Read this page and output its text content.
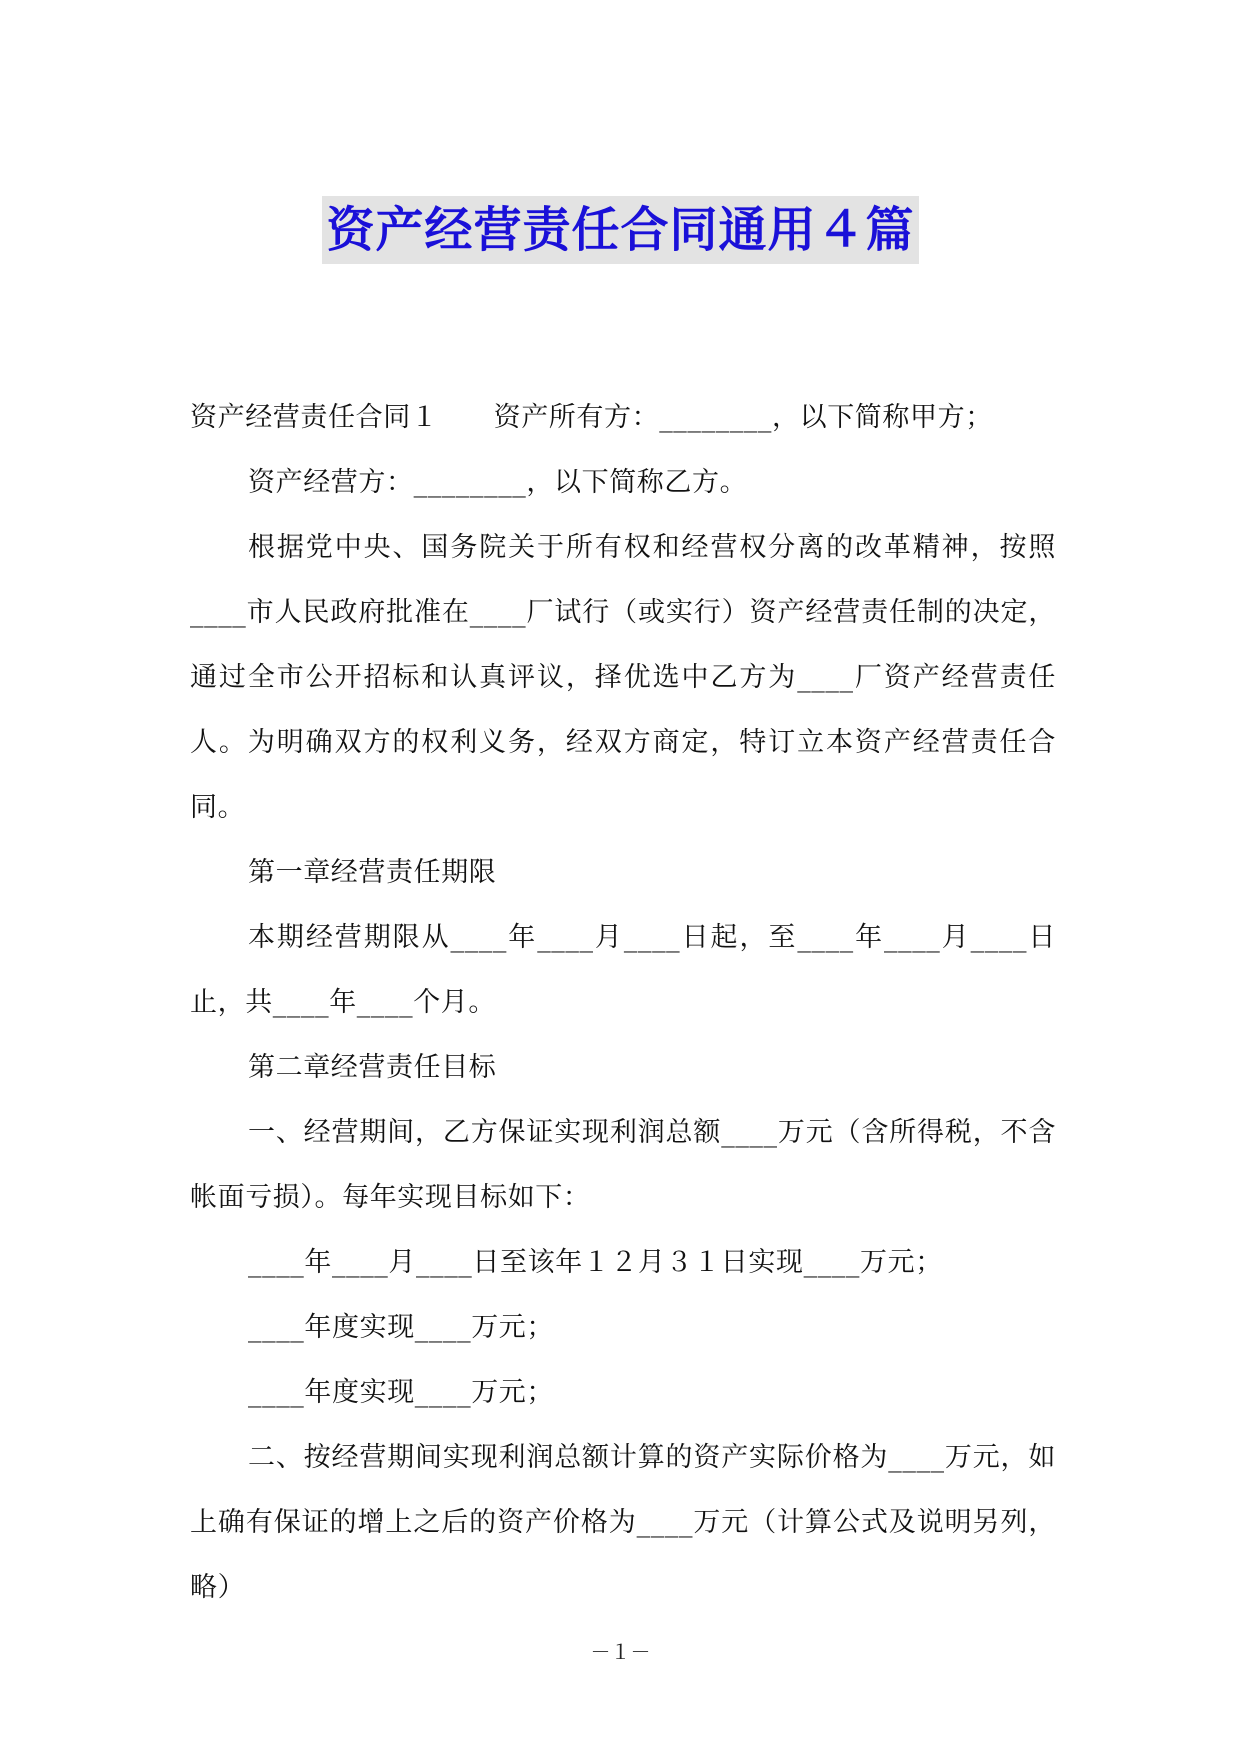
资产经营责任合同通用４篇

资产经营责任合同１　　资产所有方：________，以下简称甲方；

资产经营方：________，以下简称乙方。

根据党中央、国务院关于所有权和经营权分离的改革精神，按照____市人民政府批准在____厂试行（或实行）资产经营责任制的决定，通过全市公开招标和认真评议，择优选中乙方为____厂资产经营责任人。为明确双方的权利义务，经双方商定，特订立本资产经营责任合同。

第一章经营责任期限

本期经营期限从____年____月____日起，至____年____月____日止，共____年____个月。

第二章经营责任目标

一、经营期间，乙方保证实现利润总额____万元（含所得税，不含帐面亏损）。每年实现目标如下：

____年____月____日至该年１２月３１日实现____万元；

____年度实现____万元；

____年度实现____万元；

二、按经营期间实现利润总额计算的资产实际价格为____万元，如上确有保证的增上之后的资产价格为____万元（计算公式及说明另列，略）

－１－
